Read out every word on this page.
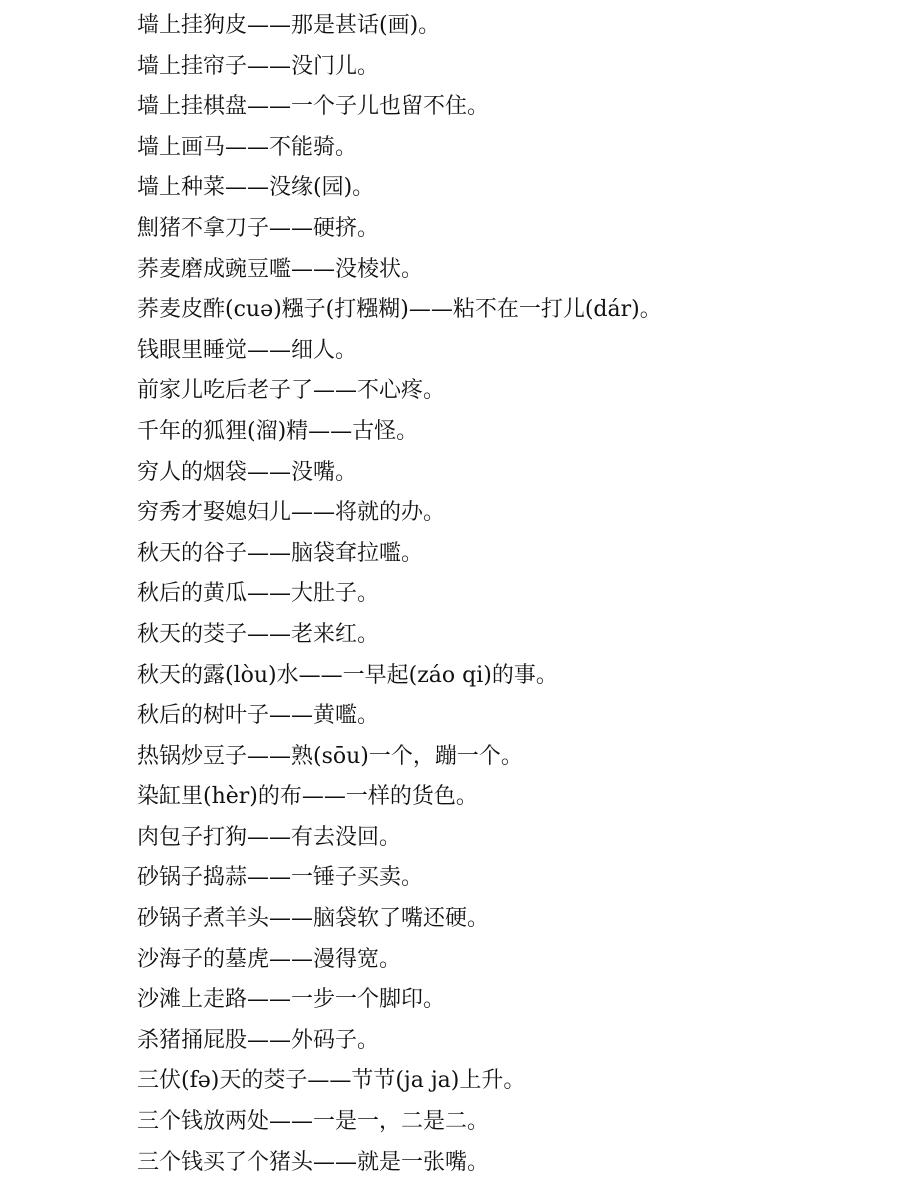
墙上挂狗皮——那是甚话(画)。
墙上挂帘子——没门儿。
墙上挂棋盘——一个子儿也留不住。
墙上画马——不能骑。
墙上种菜——没缘(园)。
劁猪不拿刀子——硬挤。
荞麦磨成豌豆嚂——没棱状。
荞麦皮酢(cuə)糨子(打糨糊)——粘不在一打儿(dár)。
钱眼里睡觉——细人。
前家儿吃后老子了——不心疼。
千年的狐狸(溜)精——古怪。
穷人的烟袋——没嘴。
穷秀才娶媳妇儿——将就的办。
秋天的谷子——脑袋耷拉嚂。
秋后的黄瓜——大肚子。
秋天的茭子——老来红。
秋天的露(lòu)水——一早起(záo qi)的事。
秋后的树叶子——黄嚂。
热锅炒豆子——熟(sōu)一个，蹦一个。
染缸里(hèr)的布——一样的货色。
肉包子打狗——有去没回。
砂锅子捣蒜——一锤子买卖。
砂锅子煮羊头——脑袋软了嘴还硬。
沙海子的墓虎——漫得宽。
沙滩上走路——一步一个脚印。
杀猪捅屁股——外码子。
三伏(fə)天的茭子——节节(ja ja)上升。
三个钱放两处——一是一，二是二。
三个钱买了个猪头——就是一张嘴。
